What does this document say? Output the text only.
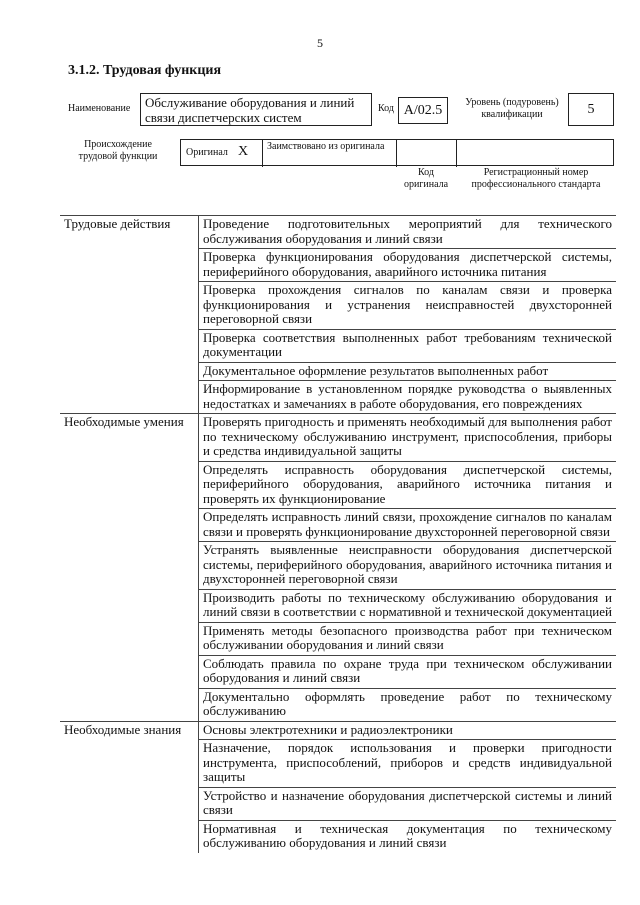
5
3.1.2. Трудовая функция
Наименование	Обслуживание оборудования и линий связи диспетчерских систем
Код A/02.5
Уровень (подуровень) квалификации	5
Происхождение трудовой функции	Оригинал X Заимствовано из оригинала
Код оригинала
Регистрационный номер профессионального стандарта
Трудовые действия	Проведение подготовительных мероприятий для технического обслуживания оборудования и линий связи
	Проверка функционирования оборудования диспетчерской системы, периферийного оборудования, аварийного источника питания
	Проверка прохождения сигналов по каналам связи и проверка функционирования и устранения неисправностей двухсторонней переговорной связи
	Проверка соответствия выполненных работ требованиям технической документации
	Документальное оформление результатов выполненных работ
	Информирование в установленном порядке руководства о выявленных недостатках и замечаниях в работе оборудования, его повреждениях
Необходимые умения	Проверять пригодность и применять необходимый для выполнения работ по техническому обслуживанию инструмент, приспособления, приборы и средства индивидуальной защиты
	Определять исправность оборудования диспетчерской системы, периферийного оборудования, аварийного источника питания и проверять их функционирование
	Определять исправность линий связи, прохождение сигналов по каналам связи и проверять функционирование двухсторонней переговорной связи
	Устранять выявленные неисправности оборудования диспетчерской системы, периферийного оборудования, аварийного источника питания и двухсторонней переговорной связи
	Производить работы по техническому обслуживанию оборудования и линий связи в соответствии с нормативной и технической документацией
	Применять методы безопасного производства работ при техническом обслуживании оборудования и линий связи
	Соблюдать правила по охране труда при техническом обслуживании оборудования и линий связи
	Документально оформлять проведение работ по техническому обслуживанию
Необходимые знания	Основы электротехники и радиоэлектроники
	Назначение, порядок использования и проверки пригодности инструмента, приспособлений, приборов и средств индивидуальной защиты
	Устройство и назначение оборудования диспетчерской системы и линий связи
	Нормативная и техническая документация по техническому обслуживанию оборудования и линий связи
